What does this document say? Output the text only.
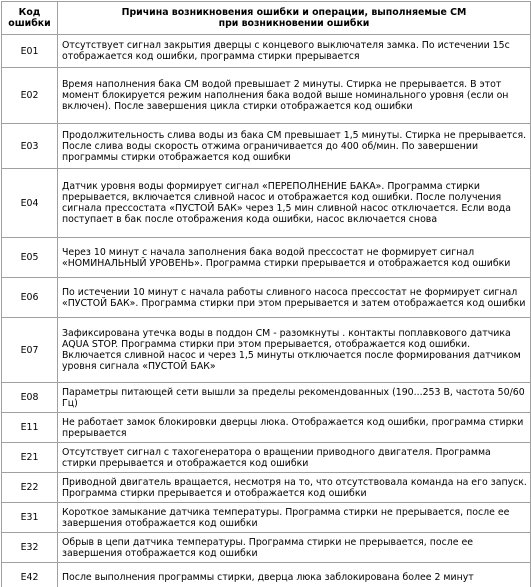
Код ошибки	Причина возникновения ошибки и операции, выполняемые СМ при возникновении ошибки
E01	Отсутствует сигнал закрытия дверцы с концевого выключателя замка. По истечении 15с отображается код ошибки, программа стирки прерывается
E02	Время наполнения бака СМ водой превышает 2 минуты. Стирка не прерывается. В этот момент блокируется режим наполнения бака водой выше номинального уровня (если он включен). После завершения цикла стирки отображается код ошибки
E03	Продолжительность слива воды из бака СМ превышает 1,5 минуты. Стирка не прерывается. После слива воды скорость отжима ограничивается до 400 об/мин. По завершении программы стирки отображается код ошибки
E04	Датчик уровня воды формирует сигнал «ПЕРЕПОЛНЕНИЕ БАКА». Программа стирки прерывается, включается сливной насос и отображается код ошибки. После получения сигнала прессостата «ПУСТОЙ БАК» через 1,5 мин сливной насос отключается. Если вода поступает в бак после отображения кода ошибки, насос включается снова
E05	Через 10 минут с начала заполнения бака водой прессостат не формирует сигнал «НОМИНАЛЬНЫЙ УРОВЕНЬ». Программа стирки прерывается и отображается код ошибки
E06	По истечении 10 минут с начала работы сливного насоса прессостат не формирует сигнал «ПУСТОЙ БАК». Программа стирки при этом прерывается и затем отображается код ошибки
E07	Зафиксирована утечка воды в поддон СМ - разомкнуты . контакты поплавкового датчика AQUA STOP. Программа стирки при этом прерывается, отображается код ошибки. Включается сливной насос и через 1,5 минуты отключается после формирования датчиком уровня сигнала «ПУСТОЙ БАК»
E08	Параметры питающей сети вышли за пределы рекомендованных (190...253 В, частота 50/60 Гц)
E11	Не работает замок блокировки дверцы люка. Отображается код ошибки, программа стирки прерывается
E21	Отсутствует сигнал с тахогенератора о вращении приводного двигателя. Программа стирки прерывается и отображается код ошибки
E22	Приводной двигатель вращается, несмотря на то, что отсутствовала команда на его запуск. Программа стирки прерывается и отображается код ошибки
E31	Короткое замыкание датчика температуры. Программа стирки не прерывается, после ее завершения отображается код ошибки
E32	Обрыв в цепи датчика температуры. Программа стирки не прерывается, после ее завершения отображается код ошибки
E42	После выполнения программы стирки, дверца люка заблокирована более 2 минут
